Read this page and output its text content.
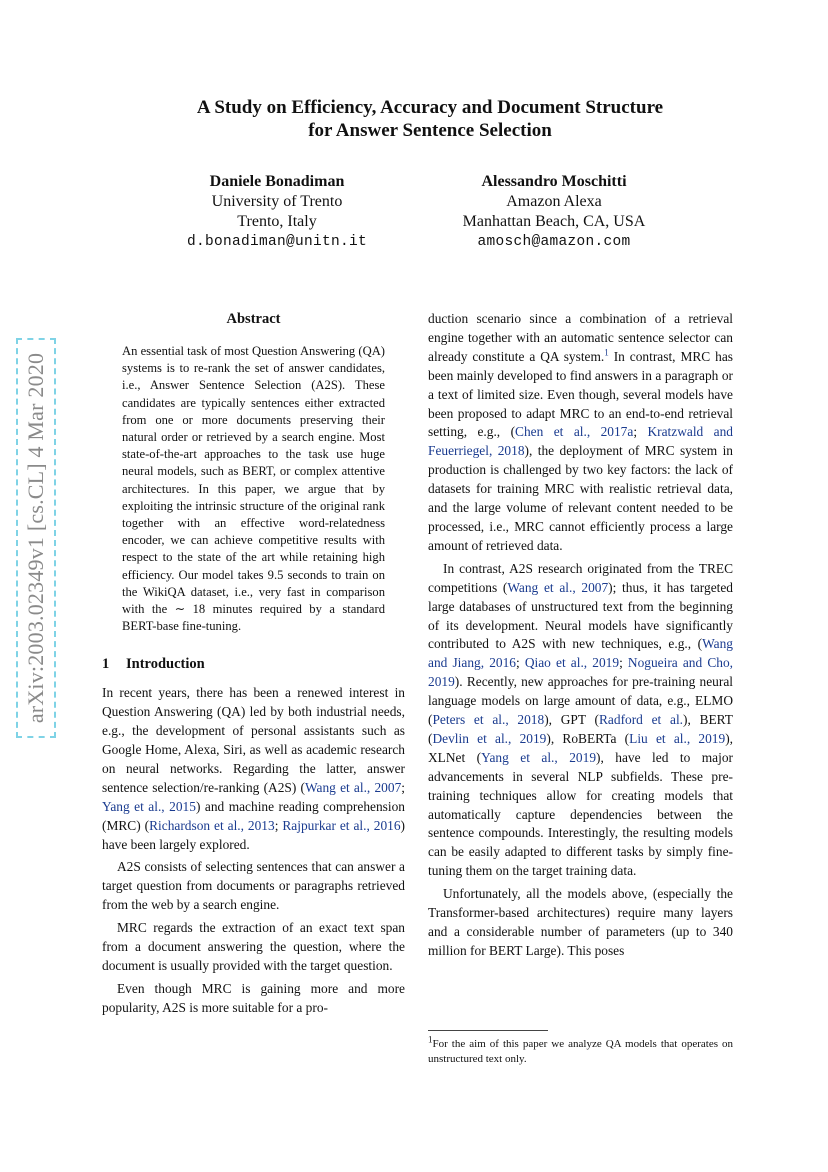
arXiv:2003.02349v1 [cs.CL] 4 Mar 2020
A Study on Efficiency, Accuracy and Document Structure
for Answer Sentence Selection
Daniele Bonadiman
University of Trento
Trento, Italy
d.bonadiman@unitn.it
Alessandro Moschitti
Amazon Alexa
Manhattan Beach, CA, USA
amosch@amazon.com
Abstract

An essential task of most Question Answering (QA) systems is to re-rank the set of answer candidates, i.e., Answer Sentence Selection (A2S). These candidates are typically sentences either extracted from one or more documents preserving their natural order or retrieved by a search engine. Most state-of-the-art approaches to the task use huge neural models, such as BERT, or complex attentive architectures. In this paper, we argue that by exploiting the intrinsic structure of the original rank together with an effective word-relatedness encoder, we can achieve competitive results with respect to the state of the art while retaining high efficiency. Our model takes 9.5 seconds to train on the WikiQA dataset, i.e., very fast in comparison with the ∼ 18 minutes required by a standard BERT-base fine-tuning.

1 Introduction

In recent years, there has been a renewed interest in Question Answering (QA) led by both industrial needs, e.g., the development of personal assistants such as Google Home, Alexa, Siri, as well as academic research on neural networks. Regarding the latter, answer sentence selection/re-ranking (A2S) (Wang et al., 2007; Yang et al., 2015) and machine reading comprehension (MRC) (Richardson et al., 2013; Rajpurkar et al., 2016) have been largely explored.

A2S consists of selecting sentences that can answer a target question from documents or paragraphs retrieved from the web by a search engine.

MRC regards the extraction of an exact text span from a document answering the question, where the document is usually provided with the target question.

Even though MRC is gaining more and more popularity, A2S is more suitable for a pro-

duction scenario since a combination of a retrieval engine together with an automatic sentence selector can already constitute a QA system.$^1$ In contrast, MRC has been mainly developed to find answers in a paragraph or a text of limited size. Even though, several models have been proposed to adapt MRC to an end-to-end retrieval setting, e.g., (Chen et al., 2017a; Kratzwald and Feuerriegel, 2018), the deployment of MRC system in production is challenged by two key factors: the lack of datasets for training MRC with realistic retrieval data, and the large volume of relevant content needed to be processed, i.e., MRC cannot efficiently process a large amount of retrieved data.

In contrast, A2S research originated from the TREC competitions (Wang et al., 2007); thus, it has targeted large databases of unstructured text from the beginning of its development. Neural models have significantly contributed to A2S with new techniques, e.g., (Wang and Jiang, 2016; Qiao et al., 2019; Nogueira and Cho, 2019). Recently, new approaches for pre-training neural language models on large amount of data, e.g., ELMO (Peters et al., 2018), GPT (Radford et al.), BERT (Devlin et al., 2019), RoBERTa (Liu et al., 2019), XLNet (Yang et al., 2019), have led to major advancements in several NLP subfields. These pre-training techniques allow for creating models that automatically capture dependencies between the sentence compounds. Interestingly, the resulting models can be easily adapted to different tasks by simply fine-tuning them on the target training data.

Unfortunately, all the models above, (especially the Transformer-based architectures) require many layers and a considerable number of parameters (up to 340 million for BERT Large). This poses

$^1$For the aim of this paper we analyze QA models that operates on unstructured text only.
